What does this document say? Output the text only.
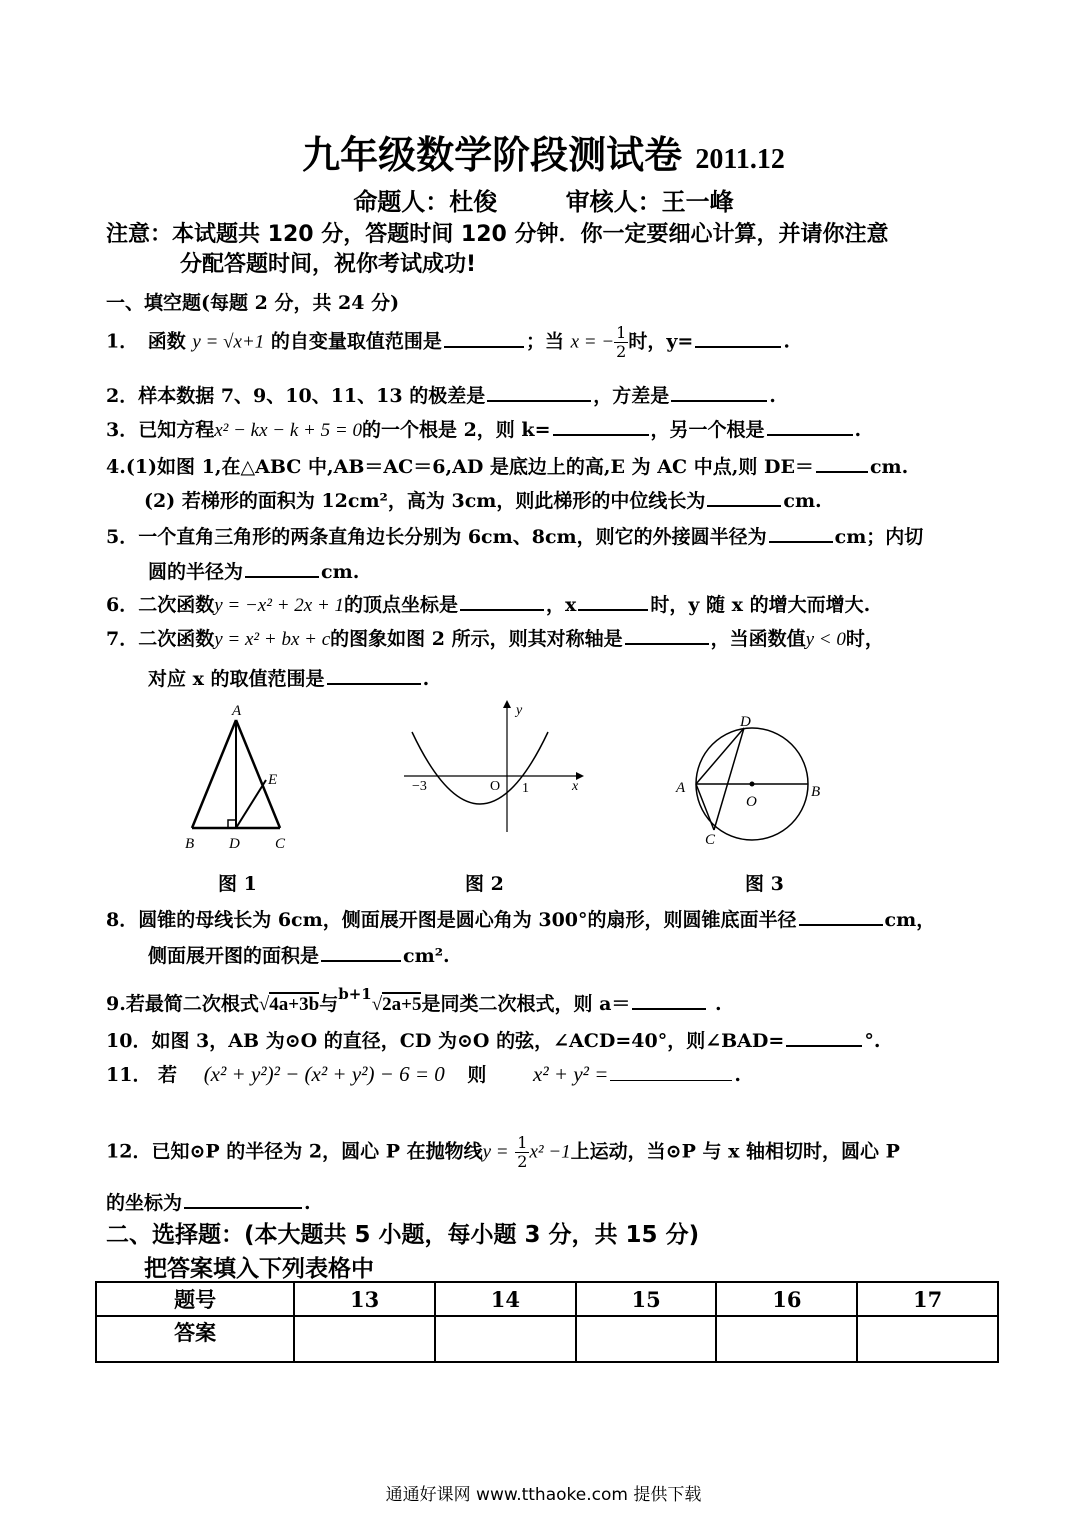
九年级数学阶段测试卷 2011.12
命题人：杜俊	审核人：王一峰
注意：本试题共 120 分，答题时间 120 分钟．你一定要细心计算，并请你注意
分配答题时间，祝你考试成功!
一、填空题(每题 2 分，共 24 分)
1．　函数 y = √x+1 的自变量取值范围是	；当 x = − $\frac{1}{2}$ 时，y=	.
2．样本数据 7、9、10、11、13 的极差是	，方差是	.
3．已知方程x² − kx − k + 5 = 0的一个根是 2，则 k=	，另一个根是	.
4.(1)如图 1,在△ABC 中,AB＝AC＝6,AD 是底边上的高,E 为 AC 中点,则 DE＝	cm.
(2) 若梯形的面积为 12cm²，高为 3cm，则此梯形的中位线长为	cm.
5．一个直角三角形的两条直角边长分别为 6cm、8cm，则它的外接圆半径为	cm；内切
圆的半径为	cm.
6．二次函数y = −x² + 2x + 1的顶点坐标是	，x	时，y 随 x 的增大而增大.
7．二次函数y = x² + bx + c的图象如图 2 所示，则其对称轴是	，当函数值y < 0时，
对应 x 的取值范围是	.
A
E
B D C
图 1
y
−3	O 1	x
图 2
D
A
O
B
C
图 3
8．圆锥的母线长为 6cm，侧面展开图是圆心角为 300°的扇形，则圆锥底面半径	cm，
侧面展开图的面积是	cm².
9.若最简二次根式√4a+3b与$^{b+1}$√2a+5是同类二次根式，则 a＝	.
10．如图 3，AB 为⊙O 的直径，CD 为⊙O 的弦，∠ACD=40°，则∠BAD=	°.
11． 若 (x² + y²)² − (x² + y²) − 6 = 0 则 x² + y² =	.
12．已知⊙P 的半径为 2，圆心 P 在抛物线$y = \frac{1}{2} x^2 -1$上运动，当⊙P 与 x 轴相切时，圆心 P
的坐标为	.
二、选择题：(本大题共 5 小题，每小题 3 分，共 15 分)
把答案填入下列表格中
题号	13	14	15	16	17
答案					
通通好课网 www.tthaoke.com 提供下载
